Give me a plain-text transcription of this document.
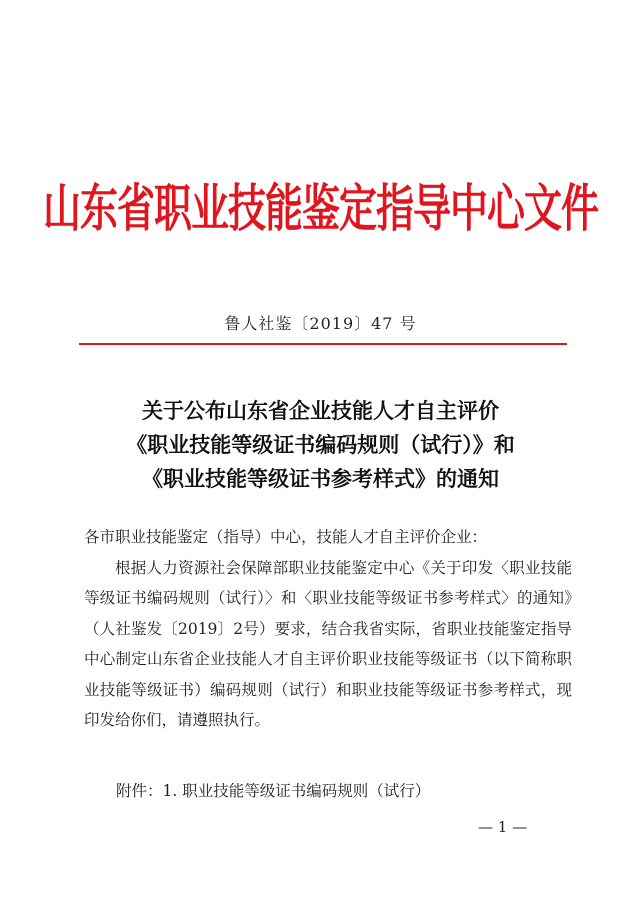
山东省职业技能鉴定指导中心文件
鲁人社鉴〔2019〕47 号
关于公布山东省企业技能人才自主评价
《职业技能等级证书编码规则（试行）》和
《职业技能等级证书参考样式》的通知

各市职业技能鉴定（指导）中心，技能人才自主评价企业：

根据人力资源社会保障部职业技能鉴定中心《关于印发〈职业技能等级证书编码规则（试行）〉和〈职业技能等级证书参考样式〉的通知》（人社鉴发〔2019〕2号）要求，结合我省实际，省职业技能鉴定指导中心制定山东省企业技能人才自主评价职业技能等级证书（以下简称职业技能等级证书）编码规则（试行）和职业技能等级证书参考样式，现印发给你们，请遵照执行。

附件：1. 职业技能等级证书编码规则（试行）
— 1 —
